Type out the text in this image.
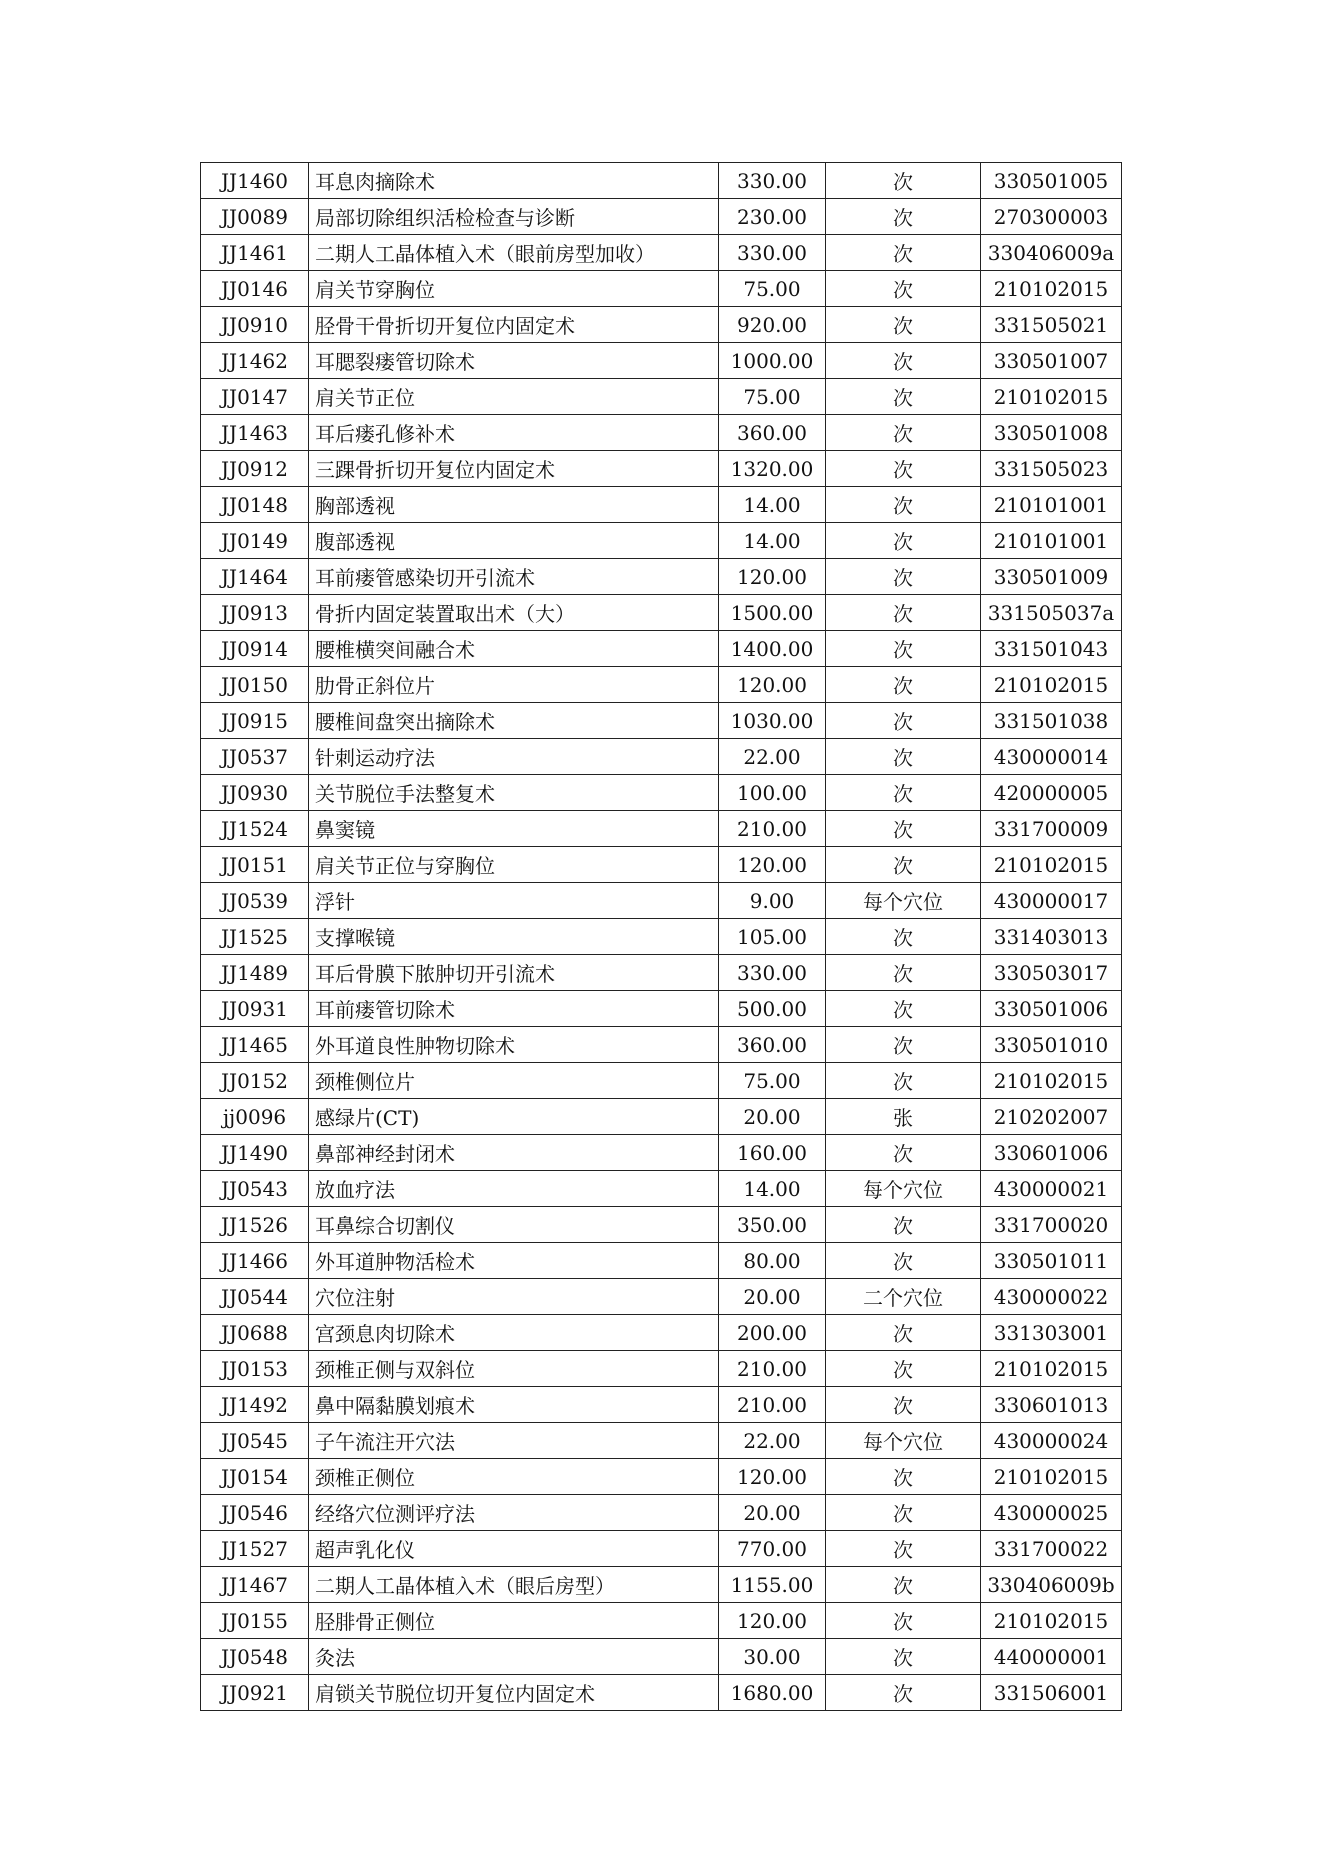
JJ1460	耳息肉摘除术	330.00	次	330501005
JJ0089	局部切除组织活检检查与诊断	230.00	次	270300003
JJ1461	二期人工晶体植入术（眼前房型加收）	330.00	次	330406009a
JJ0146	肩关节穿胸位	75.00	次	210102015
JJ0910	胫骨干骨折切开复位内固定术	920.00	次	331505021
JJ1462	耳腮裂瘘管切除术	1000.00	次	330501007
JJ0147	肩关节正位	75.00	次	210102015
JJ1463	耳后瘘孔修补术	360.00	次	330501008
JJ0912	三踝骨折切开复位内固定术	1320.00	次	331505023
JJ0148	胸部透视	14.00	次	210101001
JJ0149	腹部透视	14.00	次	210101001
JJ1464	耳前瘘管感染切开引流术	120.00	次	330501009
JJ0913	骨折内固定装置取出术（大）	1500.00	次	331505037a
JJ0914	腰椎横突间融合术	1400.00	次	331501043
JJ0150	肋骨正斜位片	120.00	次	210102015
JJ0915	腰椎间盘突出摘除术	1030.00	次	331501038
JJ0537	针刺运动疗法	22.00	次	430000014
JJ0930	关节脱位手法整复术	100.00	次	420000005
JJ1524	鼻窦镜	210.00	次	331700009
JJ0151	肩关节正位与穿胸位	120.00	次	210102015
JJ0539	浮针	9.00	每个穴位	430000017
JJ1525	支撑喉镜	105.00	次	331403013
JJ1489	耳后骨膜下脓肿切开引流术	330.00	次	330503017
JJ0931	耳前瘘管切除术	500.00	次	330501006
JJ1465	外耳道良性肿物切除术	360.00	次	330501010
JJ0152	颈椎侧位片	75.00	次	210102015
jj0096	感绿片(CT)	20.00	张	210202007
JJ1490	鼻部神经封闭术	160.00	次	330601006
JJ0543	放血疗法	14.00	每个穴位	430000021
JJ1526	耳鼻综合切割仪	350.00	次	331700020
JJ1466	外耳道肿物活检术	80.00	次	330501011
JJ0544	穴位注射	20.00	二个穴位	430000022
JJ0688	宫颈息肉切除术	200.00	次	331303001
JJ0153	颈椎正侧与双斜位	210.00	次	210102015
JJ1492	鼻中隔黏膜划痕术	210.00	次	330601013
JJ0545	子午流注开穴法	22.00	每个穴位	430000024
JJ0154	颈椎正侧位	120.00	次	210102015
JJ0546	经络穴位测评疗法	20.00	次	430000025
JJ1527	超声乳化仪	770.00	次	331700022
JJ1467	二期人工晶体植入术（眼后房型）	1155.00	次	330406009b
JJ0155	胫腓骨正侧位	120.00	次	210102015
JJ0548	灸法	30.00	次	440000001
JJ0921	肩锁关节脱位切开复位内固定术	1680.00	次	331506001
